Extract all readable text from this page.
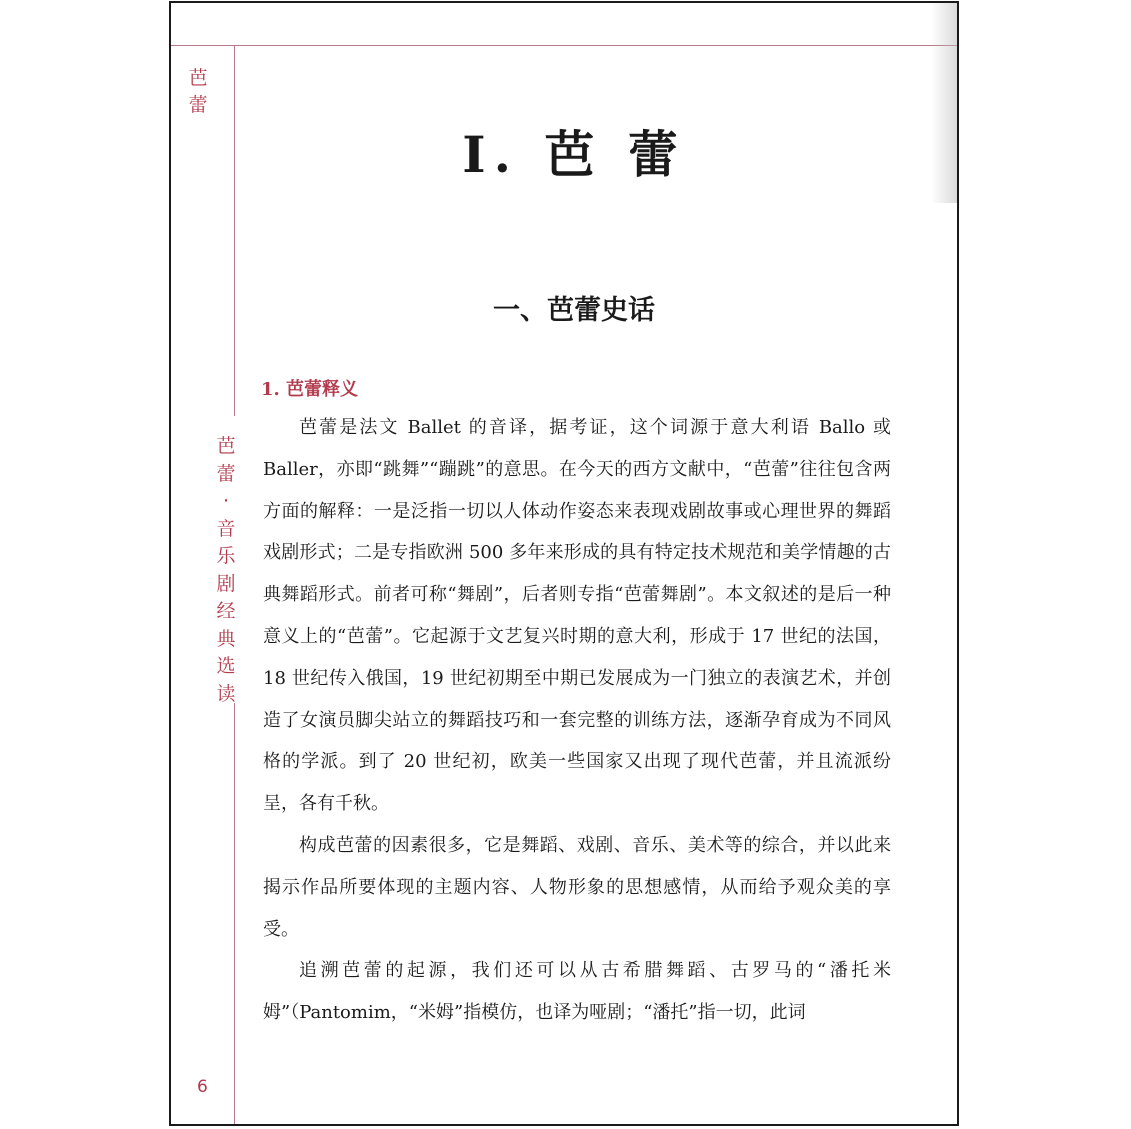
芭
蕾
芭
蕾
·
音
乐
剧
经
典
选
读
6
I. 芭 蕾
一、芭蕾史话
1. 芭蕾释义

芭蕾是法文 Ballet 的音译，据考证，这个词源于意大利语 Ballo 或 Baller，亦即“跳舞”“蹦跳”的意思。在今天的西方文献中，“芭蕾”往往包含两方面的解释：一是泛指一切以人体动作姿态来表现戏剧故事或心理世界的舞蹈戏剧形式；二是专指欧洲 500 多年来形成的具有特定技术规范和美学情趣的古典舞蹈形式。前者可称“舞剧”，后者则专指“芭蕾舞剧”。本文叙述的是后一种意义上的“芭蕾”。它起源于文艺复兴时期的意大利，形成于 17 世纪的法国，18 世纪传入俄国，19 世纪初期至中期已发展成为一门独立的表演艺术，并创造了女演员脚尖站立的舞蹈技巧和一套完整的训练方法，逐渐孕育成为不同风格的学派。到了 20 世纪初，欧美一些国家又出现了现代芭蕾，并且流派纷呈，各有千秋。

构成芭蕾的因素很多，它是舞蹈、戏剧、音乐、美术等的综合，并以此来揭示作品所要体现的主题内容、人物形象的思想感情，从而给予观众美的享受。

追溯芭蕾的起源，我们还可以从古希腊舞蹈、古罗马的“潘托米姆”（Pantomim，“米姆”指模仿，也译为哑剧；“潘托”指一切，此词
